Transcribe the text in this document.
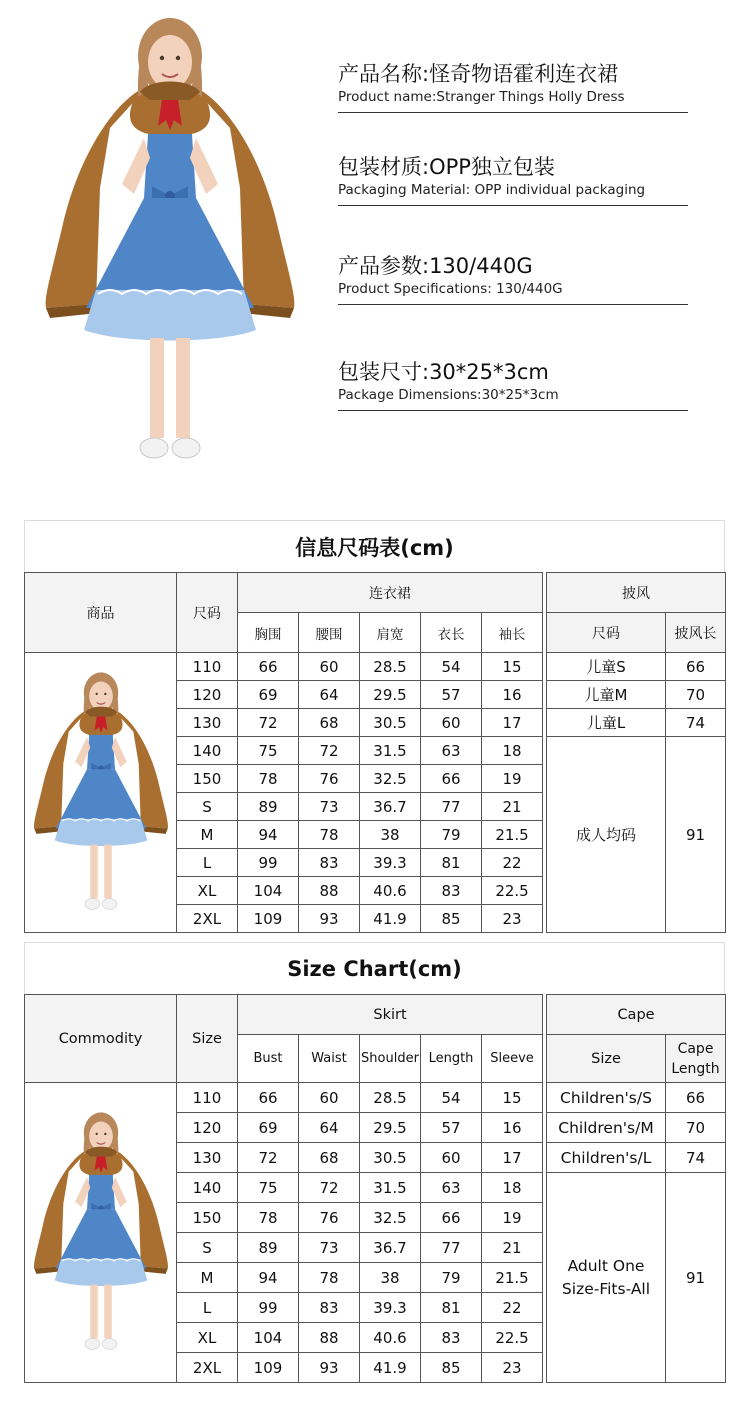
产品名称:怪奇物语霍利连衣裙
Product name:Stranger Things Holly Dress
包装材质:OPP独立包装
Packaging Material: OPP individual packaging
产品参数:130/440G
Product Specifications: 130/440G
包装尺寸:30*25*3cm
Package Dimensions:30*25*3cm
信息尺码表(cm)
商品	尺码	连衣裙				
		胸围	腰围	肩宽	衣长	袖长

	110	66	60	28.5	54	15
	120	69	64	29.5	57	16
	130	72	68	30.5	60	17
	140	75	72	31.5	63	18
	150	78	76	32.5	66	19
	S	89	73	36.7	77	21
	M	94	78	38	79	21.5
	L	99	83	39.3	81	22
	XL	104	88	40.6	83	22.5
	2XL	109	93	41.9	85	23
披风	
尺码	披风长
儿童S	66
儿童M	70
儿童L	74
成人均码	91
Size Chart(cm)
Commodity	Size	Skirt				
		Bust	Waist	Shoulder	Length	Sleeve

	110	66	60	28.5	54	15
	120	69	64	29.5	57	16
	130	72	68	30.5	60	17
	140	75	72	31.5	63	18
	150	78	76	32.5	66	19
	S	89	73	36.7	77	21
	M	94	78	38	79	21.5
	L	99	83	39.3	81	22
	XL	104	88	40.6	83	22.5
	2XL	109	93	41.9	85	23
Cape	
Size	Cape
Length
Children's/S	66
Children's/M	70
Children's/L	74
Adult One
Size-Fits-All	91
